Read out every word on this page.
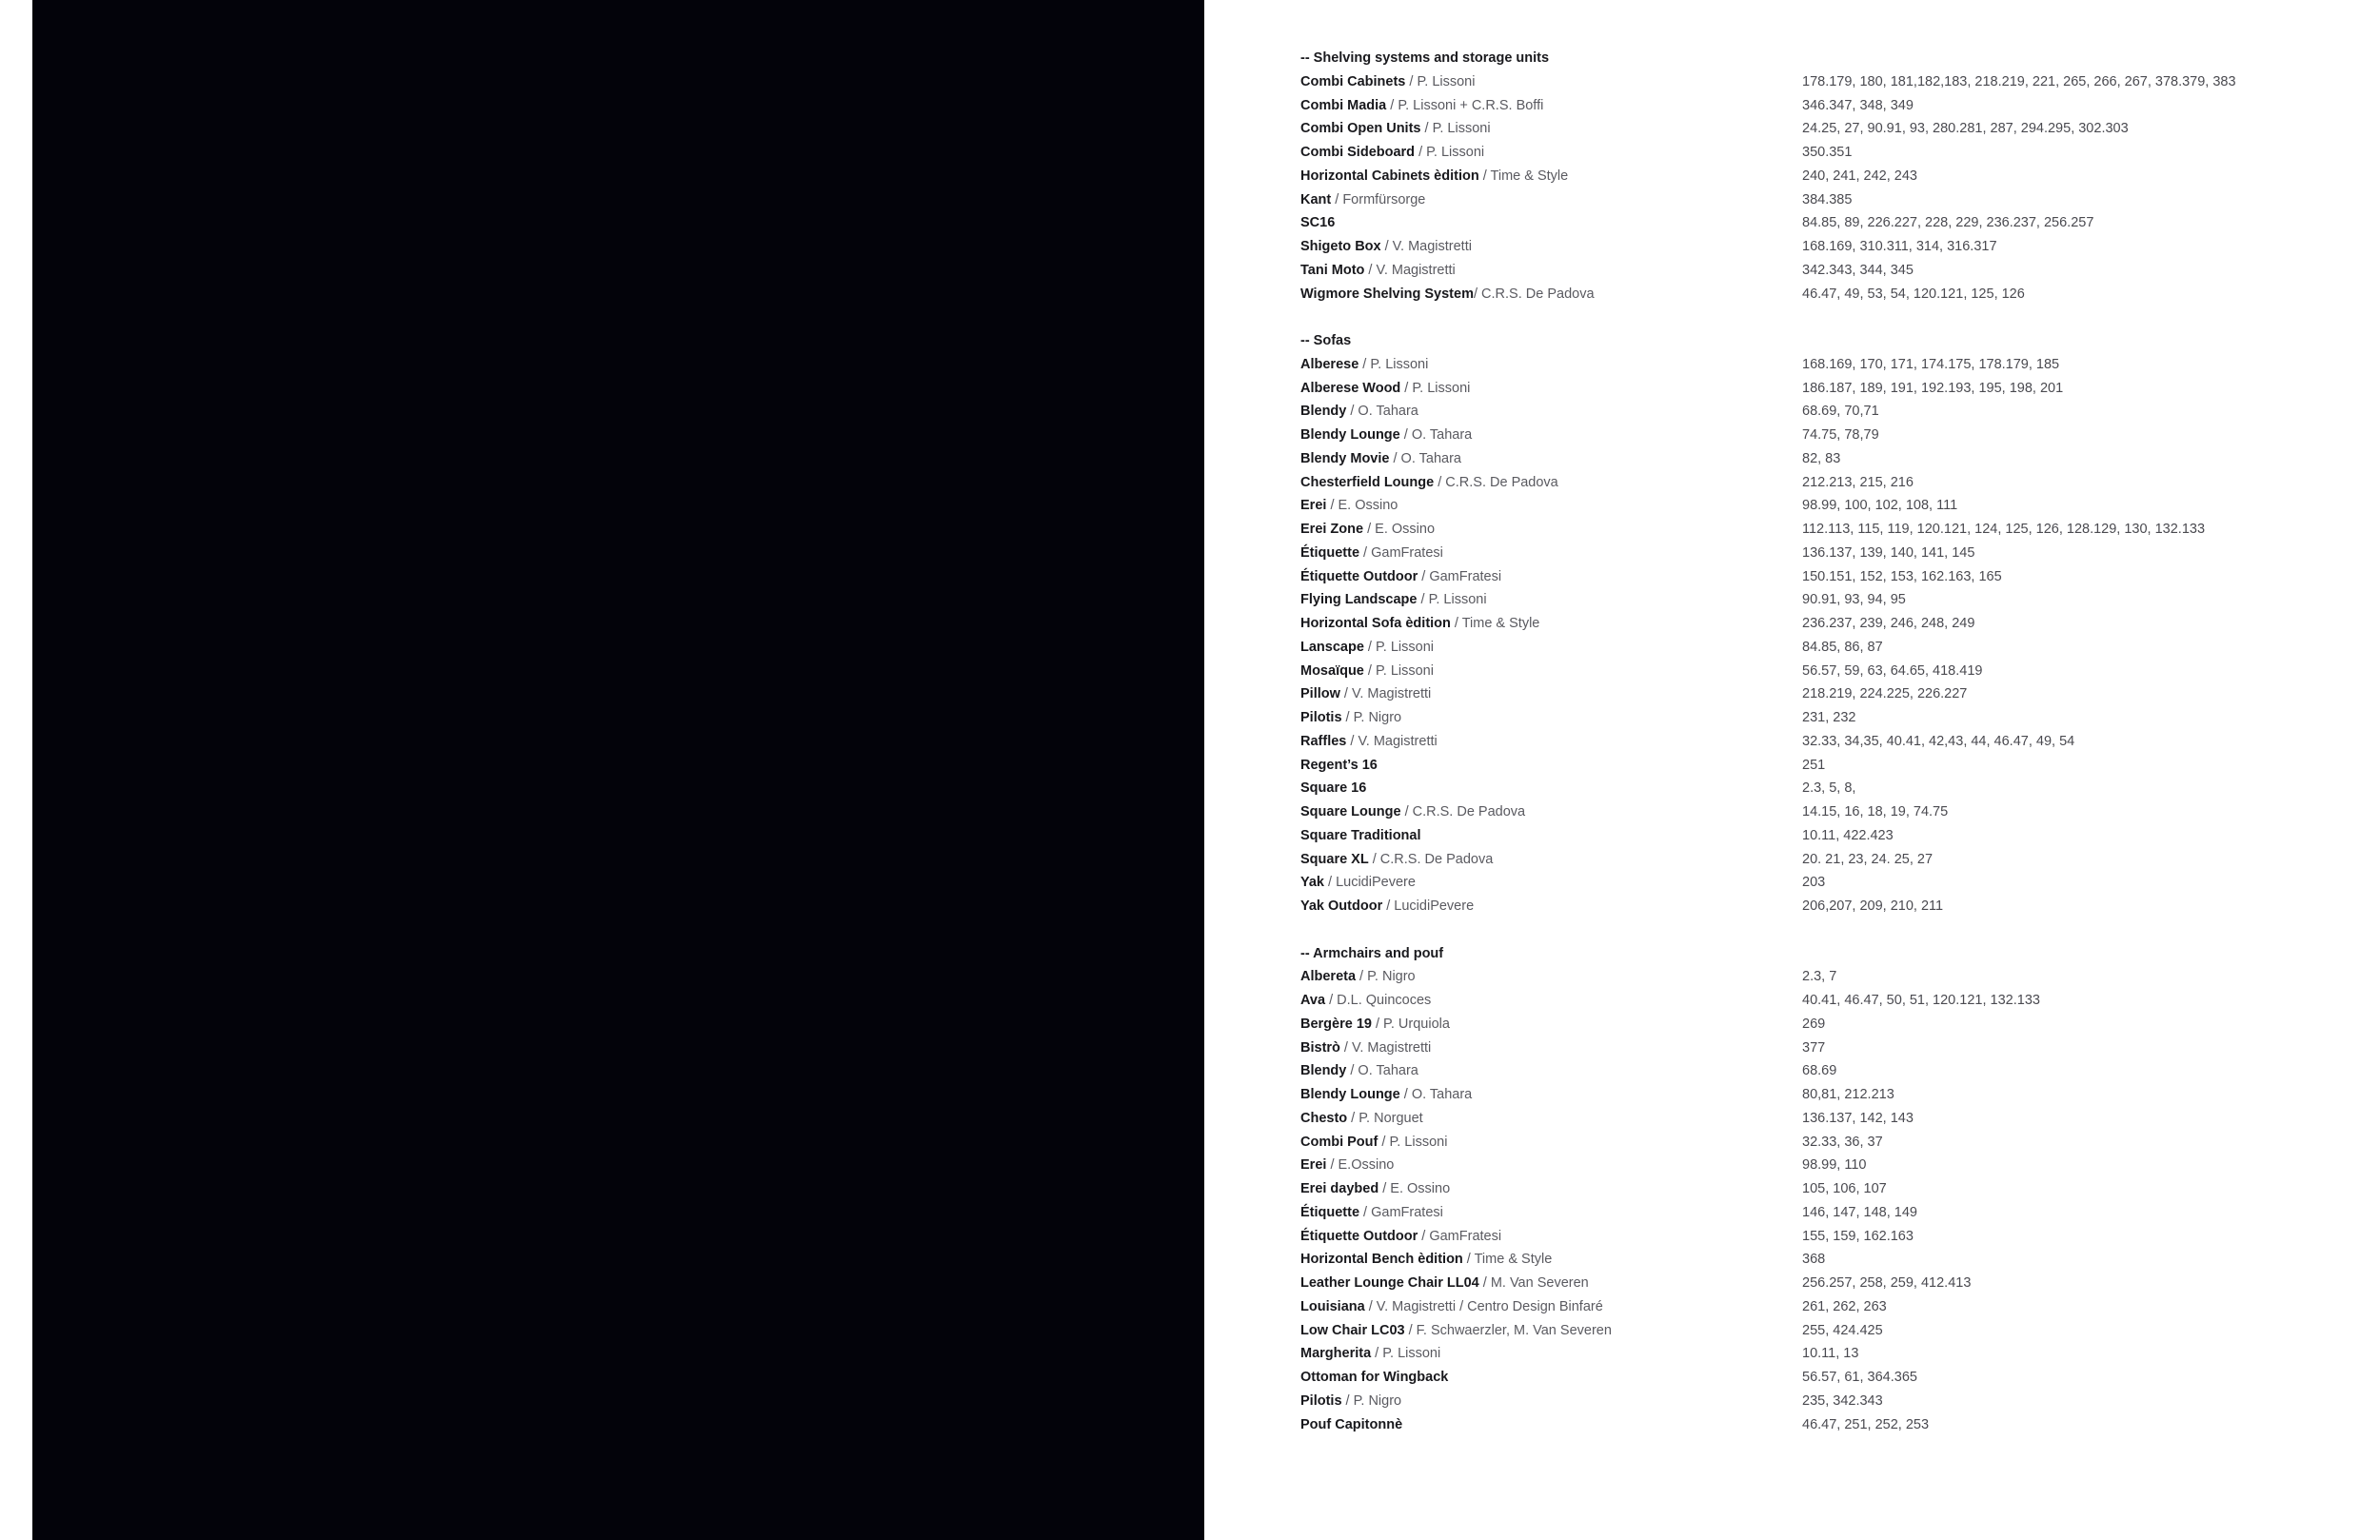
-- Shelving systems and storage units
Combi Cabinets / P. Lissoni	178.179, 180, 181,182,183, 218.219, 221, 265, 266, 267, 378.379, 383
Combi Madia / P. Lissoni + C.R.S. Boffi	346.347, 348, 349
Combi Open Units / P. Lissoni	24.25, 27, 90.91, 93, 280.281, 287, 294.295, 302.303
Combi Sideboard / P. Lissoni	350.351
Horizontal Cabinets èdition / Time & Style	240, 241, 242, 243
Kant / Formfürsorge	384.385
SC16	84.85, 89, 226.227, 228, 229, 236.237, 256.257
Shigeto Box / V. Magistretti	168.169, 310.311, 314, 316.317
Tani Moto / V. Magistretti	342.343, 344, 345
Wigmore Shelving System/ C.R.S. De Padova	46.47, 49, 53, 54, 120.121, 125, 126
-- Sofas
Alberese / P. Lissoni	168.169, 170, 171, 174.175, 178.179, 185
Alberese Wood / P. Lissoni	186.187, 189, 191, 192.193, 195, 198, 201
Blendy / O. Tahara	68.69, 70,71
Blendy Lounge / O. Tahara	74.75, 78,79
Blendy Movie / O. Tahara	82, 83
Chesterfield Lounge / C.R.S. De Padova	212.213, 215, 216
Erei / E. Ossino	98.99, 100, 102, 108, 111
Erei Zone / E. Ossino	112.113, 115, 119, 120.121, 124, 125, 126, 128.129, 130, 132.133
Étiquette / GamFratesi	136.137, 139, 140, 141, 145
Étiquette Outdoor / GamFratesi	150.151, 152, 153, 162.163, 165
Flying Landscape / P. Lissoni	90.91, 93, 94, 95
Horizontal Sofa èdition / Time & Style	236.237, 239, 246, 248, 249
Lanscape / P. Lissoni	84.85, 86, 87
Mosaïque / P. Lissoni	56.57, 59, 63, 64.65, 418.419
Pillow / V. Magistretti	218.219, 224.225, 226.227
Pilotis / P. Nigro	231, 232
Raffles / V. Magistretti	32.33, 34,35, 40.41, 42,43, 44, 46.47, 49, 54
Regent’s 16	251
Square 16	2.3, 5, 8,
Square Lounge / C.R.S. De Padova	14.15, 16, 18, 19, 74.75
Square Traditional	10.11, 422.423
Square XL / C.R.S. De Padova	20. 21, 23, 24. 25, 27
Yak / LucidiPevere	203
Yak Outdoor / LucidiPevere	206,207, 209, 210, 211
-- Armchairs and pouf
Albereta / P. Nigro	2.3, 7
Ava / D.L. Quincoces	40.41, 46.47, 50, 51, 120.121, 132.133
Bergère 19 / P. Urquiola	269
Bistrò / V. Magistretti	377
Blendy / O. Tahara	68.69
Blendy Lounge / O. Tahara	80,81, 212.213
Chesto / P. Norguet	136.137, 142, 143
Combi Pouf / P. Lissoni	32.33, 36, 37
Erei / E.Ossino	98.99, 110
Erei daybed / E. Ossino	105, 106, 107
Étiquette / GamFratesi	146, 147, 148, 149
Étiquette Outdoor / GamFratesi	155, 159, 162.163
Horizontal Bench èdition / Time & Style	368
Leather Lounge Chair LL04 / M. Van Severen	256.257, 258, 259, 412.413
Louisiana / V. Magistretti / Centro Design Binfaré	261, 262, 263
Low Chair LC03 / F. Schwaerzler, M. Van Severen	255, 424.425
Margherita / P. Lissoni	10.11, 13
Ottoman for Wingback	56.57, 61, 364.365
Pilotis / P. Nigro	235, 342.343
Pouf Capitonnè	46.47, 251, 252, 253
